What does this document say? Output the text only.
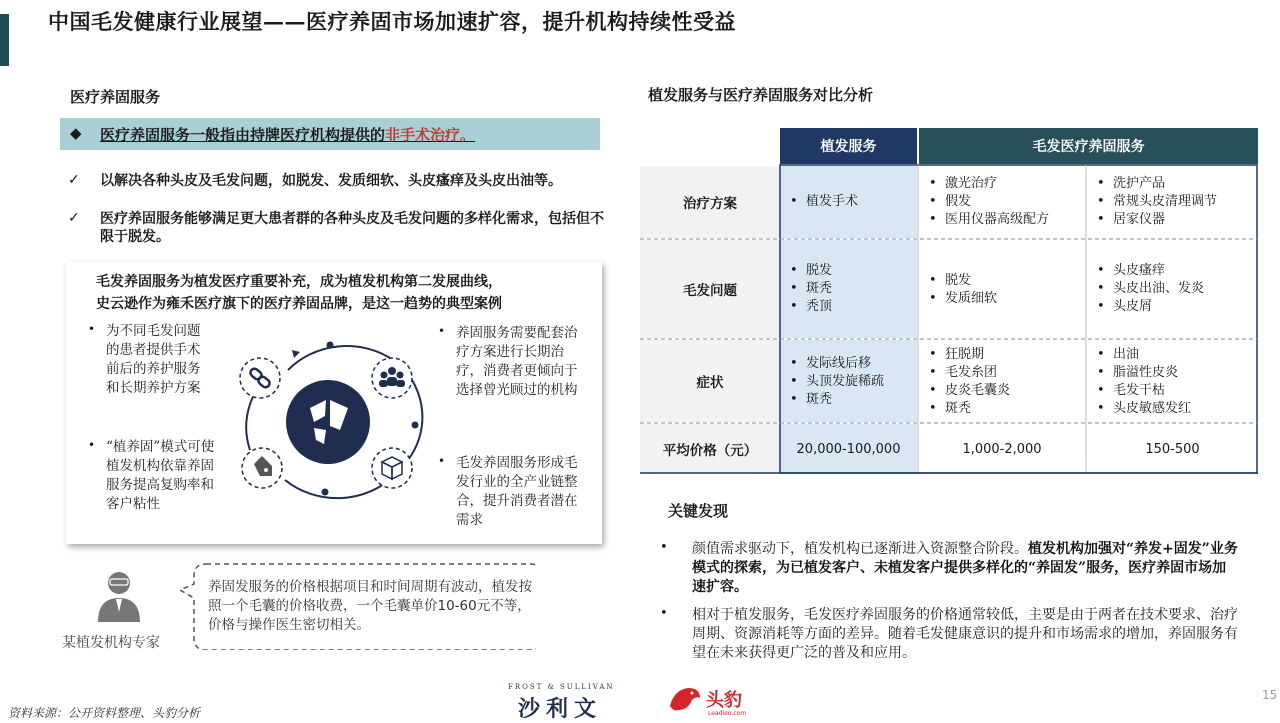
中国毛发健康行业展望——医疗养固市场加速扩容，提升机构持续性受益
医疗养固服务
◆ 医疗养固服务一般指由持牌医疗机构提供的非手术治疗。
✓ 以解决各种头皮及毛发问题，如脱发、发质细软、头皮瘙痒及头皮出油等。
✓ 医疗养固服务能够满足更大患者群的各种头皮及毛发问题的多样化需求，包括但不限于脱发。
毛发养固服务为植发医疗重要补充，成为植发机构第二发展曲线，
史云逊作为雍禾医疗旗下的医疗养固品牌，是这一趋势的典型案例
• 为不同毛发问题的患者提供手术前后的养护服务和长期养护方案
• “植养固”模式可使植发机构依靠养固服务提高复购率和客户粘性
• 养固服务需要配套治疗方案进行长期治疗，消费者更倾向于选择曾光顾过的机构
• 毛发养固服务形成毛发行业的全产业链整合，提升消费者潜在需求
某植发机构专家
养固发服务的价格根据项目和时间周期有波动，植发按照一个毛囊的价格收费，一个毛囊单价10-60元不等，价格与操作医生密切相关。
植发服务与医疗养固服务对比分析
植发服务	毛发医疗养固服务
治疗方案
•	植发手术
• 激光治疗
• 假发
• 医用仪器高级配方
• 洗护产品
• 常规头皮清理调节
• 居家仪器
毛发问题
• 脱发
• 斑秃
• 秃顶
• 脱发
• 发质细软
• 头皮瘙痒
• 头皮出油、发炎
• 头皮屑
症状
• 发际线后移
• 头顶发旋稀疏
• 斑秃
• 狂脱期
• 毛发糸团
• 皮炎毛囊炎
• 斑秃
• 出油
• 脂溢性皮炎
• 毛发干枯
• 头皮敏感发红
平均价格（元）	20,000-100,000	1,000-2,000	150-500
关键发现
• 颜值需求驱动下，植发机构已逐渐进入资源整合阶段。植发机构加强对“养发+固发”业务模式的探索，为已植发客户、未植发客户提供多样化的“养固发”服务，医疗养固市场加速扩容。
• 相对于植发服务，毛发医疗养固服务的价格通常较低，主要是由于两者在技术要求、治疗周期、资源消耗等方面的差异。随着毛发健康意识的提升和市场需求的增加，养固服务有望在未来获得更广泛的普及和应用。
资料来源：公开资料整理、头豹分析
FROST & SULLIVAN
沙利文	头豹
Leadleo.com
15
